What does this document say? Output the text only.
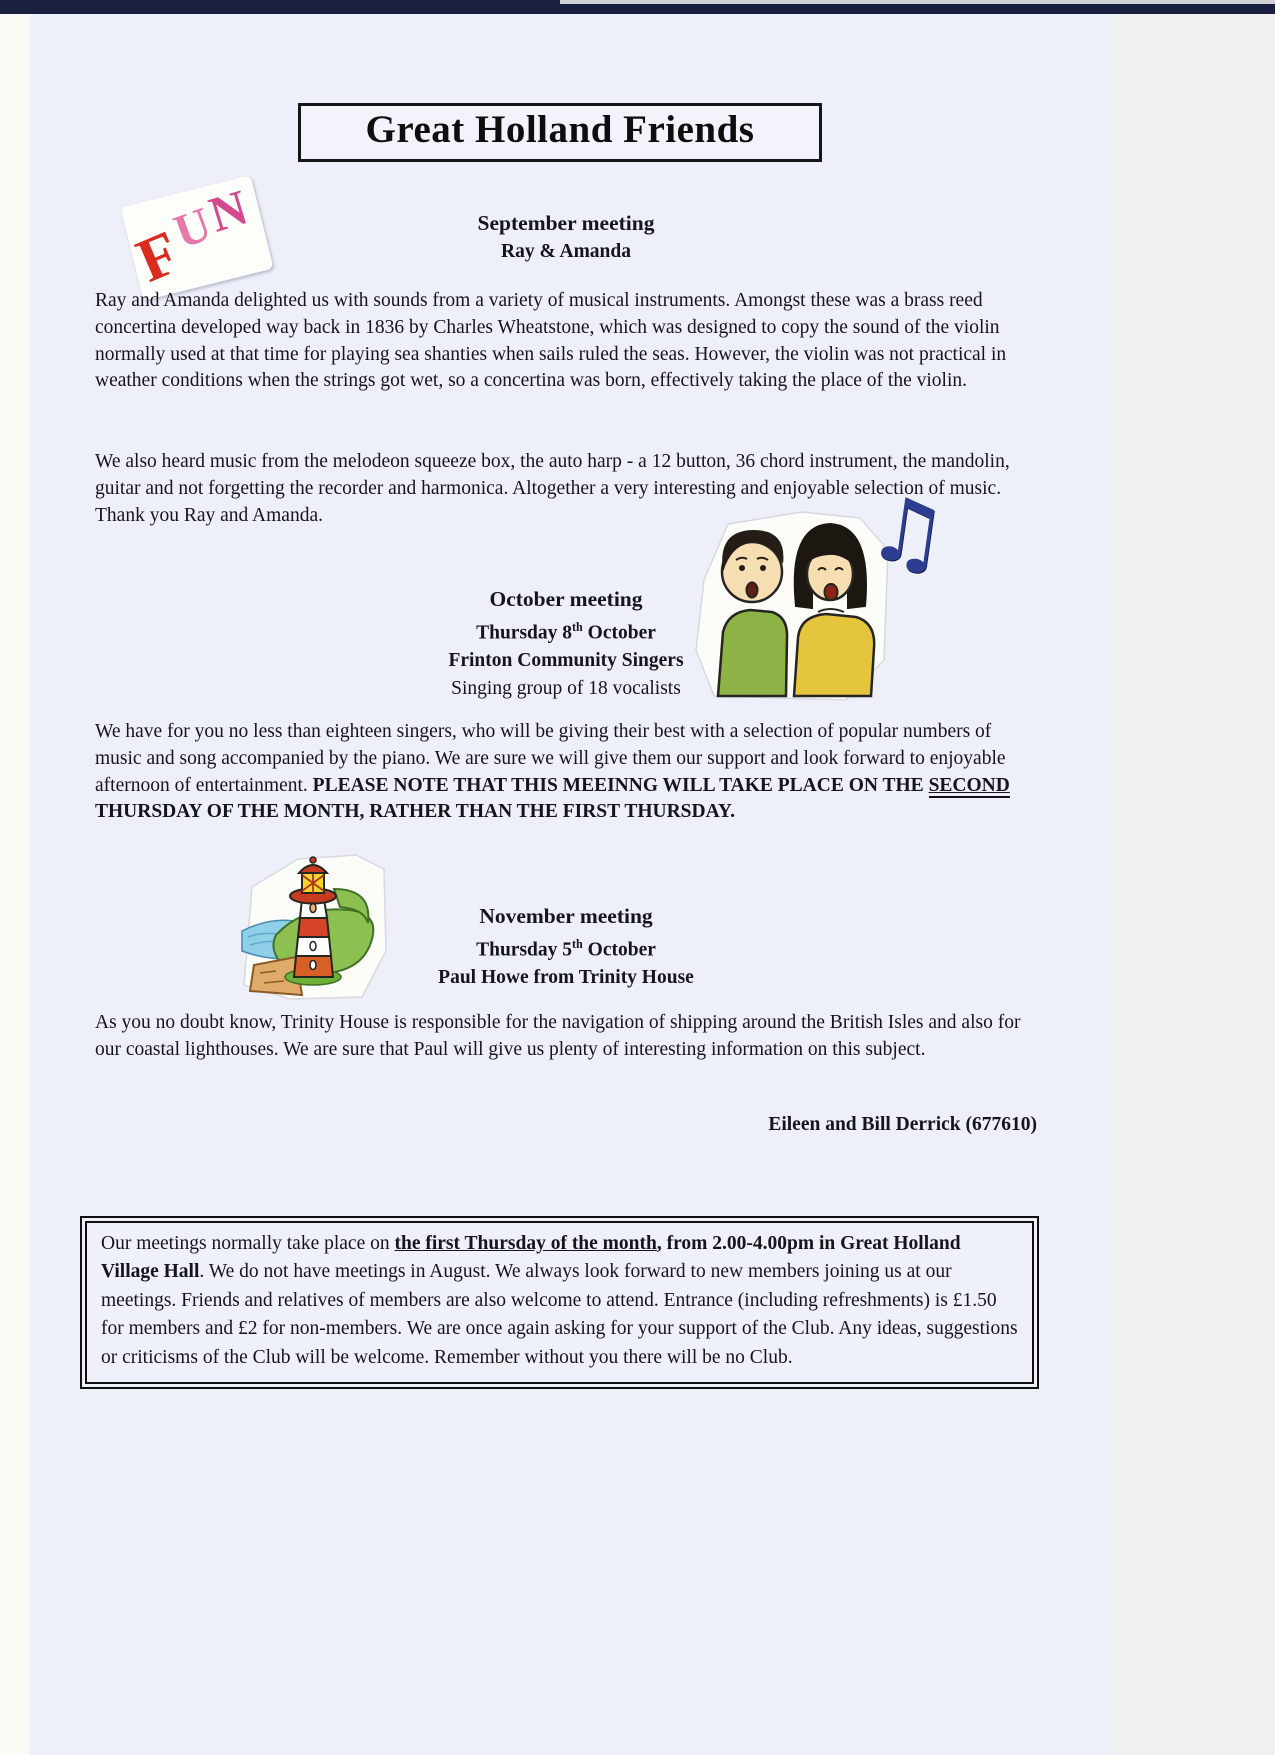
Great Holland Friends
F
U
N	September meeting
Ray & Amanda

Ray and Amanda delighted us with sounds from a variety of musical instruments. Amongst these was a brass reed concertina developed way back in 1836 by Charles Wheatstone, which was designed to copy the sound of the violin normally used at that time for playing sea shanties when sails ruled the seas. However, the violin was not practical in weather conditions when the strings got wet, so a concertina was born, effectively taking the place of the violin.

We also heard music from the melodeon squeeze box, the auto harp - a 12 button, 36 chord instrument, the mandolin, guitar and not forgetting the recorder and harmonica. Altogether a very interesting and enjoyable selection of music. Thank you Ray and Amanda.	♫
October meeting
Thursday 8th October
Frinton Community Singers
Singing group of 18 vocalists

We have for you no less than eighteen singers, who will be giving their best with a selection of popular numbers of music and song accompanied by the piano. We are sure we will give them our support and look forward to enjoyable afternoon of entertainment. PLEASE NOTE THAT THIS MEEINNG WILL TAKE PLACE ON THE SECOND THURSDAY OF THE MONTH, RATHER THAN THE FIRST THURSDAY.

November meeting
Thursday 5th October
Paul Howe from Trinity House

As you no doubt know, Trinity House is responsible for the navigation of shipping around the British Isles and also for our coastal lighthouses. We are sure that Paul will give us plenty of interesting information on this subject.

Eileen and Bill Derrick (677610)

Our meetings normally take place on the first Thursday of the month, from 2.00-4.00pm in Great Holland Village Hall. We do not have meetings in August. We always look forward to new members joining us at our meetings. Friends and relatives of members are also welcome to attend. Entrance (including refreshments) is £1.50 for members and £2 for non-members. We are once again asking for your support of the Club. Any ideas, suggestions or criticisms of the Club will be welcome. Remember without you there will be no Club.
